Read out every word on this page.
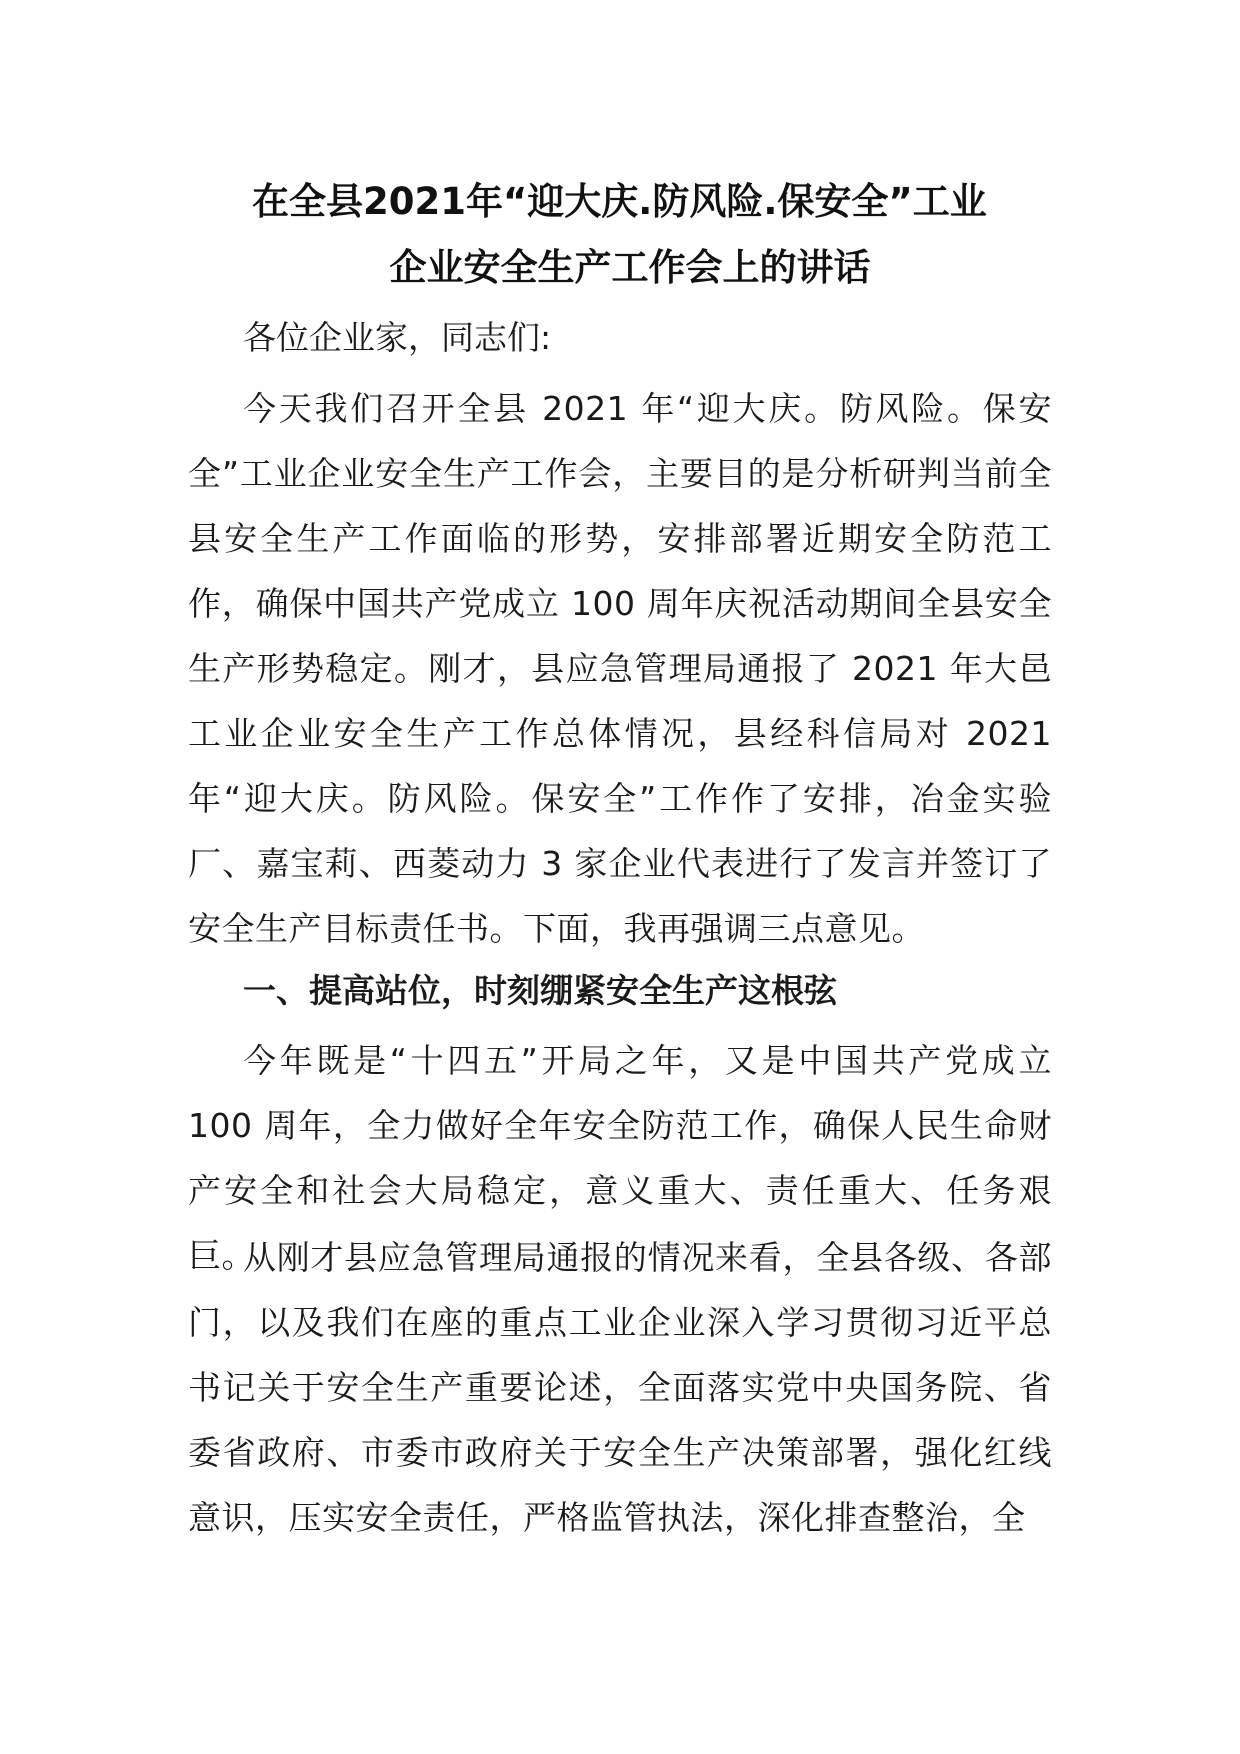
在全县2021年“迎大庆.防风险.保安全”工业
企业安全生产工作会上的讲话
各位企业家，同志们:

今天我们召开全县 2021 年“迎大庆。防风险。保安全”工业企业安全生产工作会，主要目的是分析研判当前全县安全生产工作面临的形势，安排部署近期安全防范工作，确保中国共产党成立 100 周年庆祝活动期间全县安全生产形势稳定。刚才，县应急管理局通报了 2021 年大邑工业企业安全生产工作总体情况，县经科信局对 2021 年“迎大庆。防风险。保安全”工作作了安排，冶金实验厂、嘉宝莉、西菱动力 3 家企业代表进行了发言并签订了安全生产目标责任书。下面，我再强调三点意见。

一、提高站位，时刻绷紧安全生产这根弦

今年既是“十四五”开局之年，又是中国共产党成立 100 周年，全力做好全年安全防范工作，确保人民生命财产安全和社会大局稳定，意义重大、责任重大、任务艰巨。

从刚才县应急管理局通报的情况来看，全县各级、各部门，以及我们在座的重点工业企业深入学习贯彻习近平总书记关于安全生产重要论述，全面落实党中央国务院、省委省政府、市委市政府关于安全生产决策部署，强化红线意识，压实安全责任，严格监管执法，深化排查整治，全
